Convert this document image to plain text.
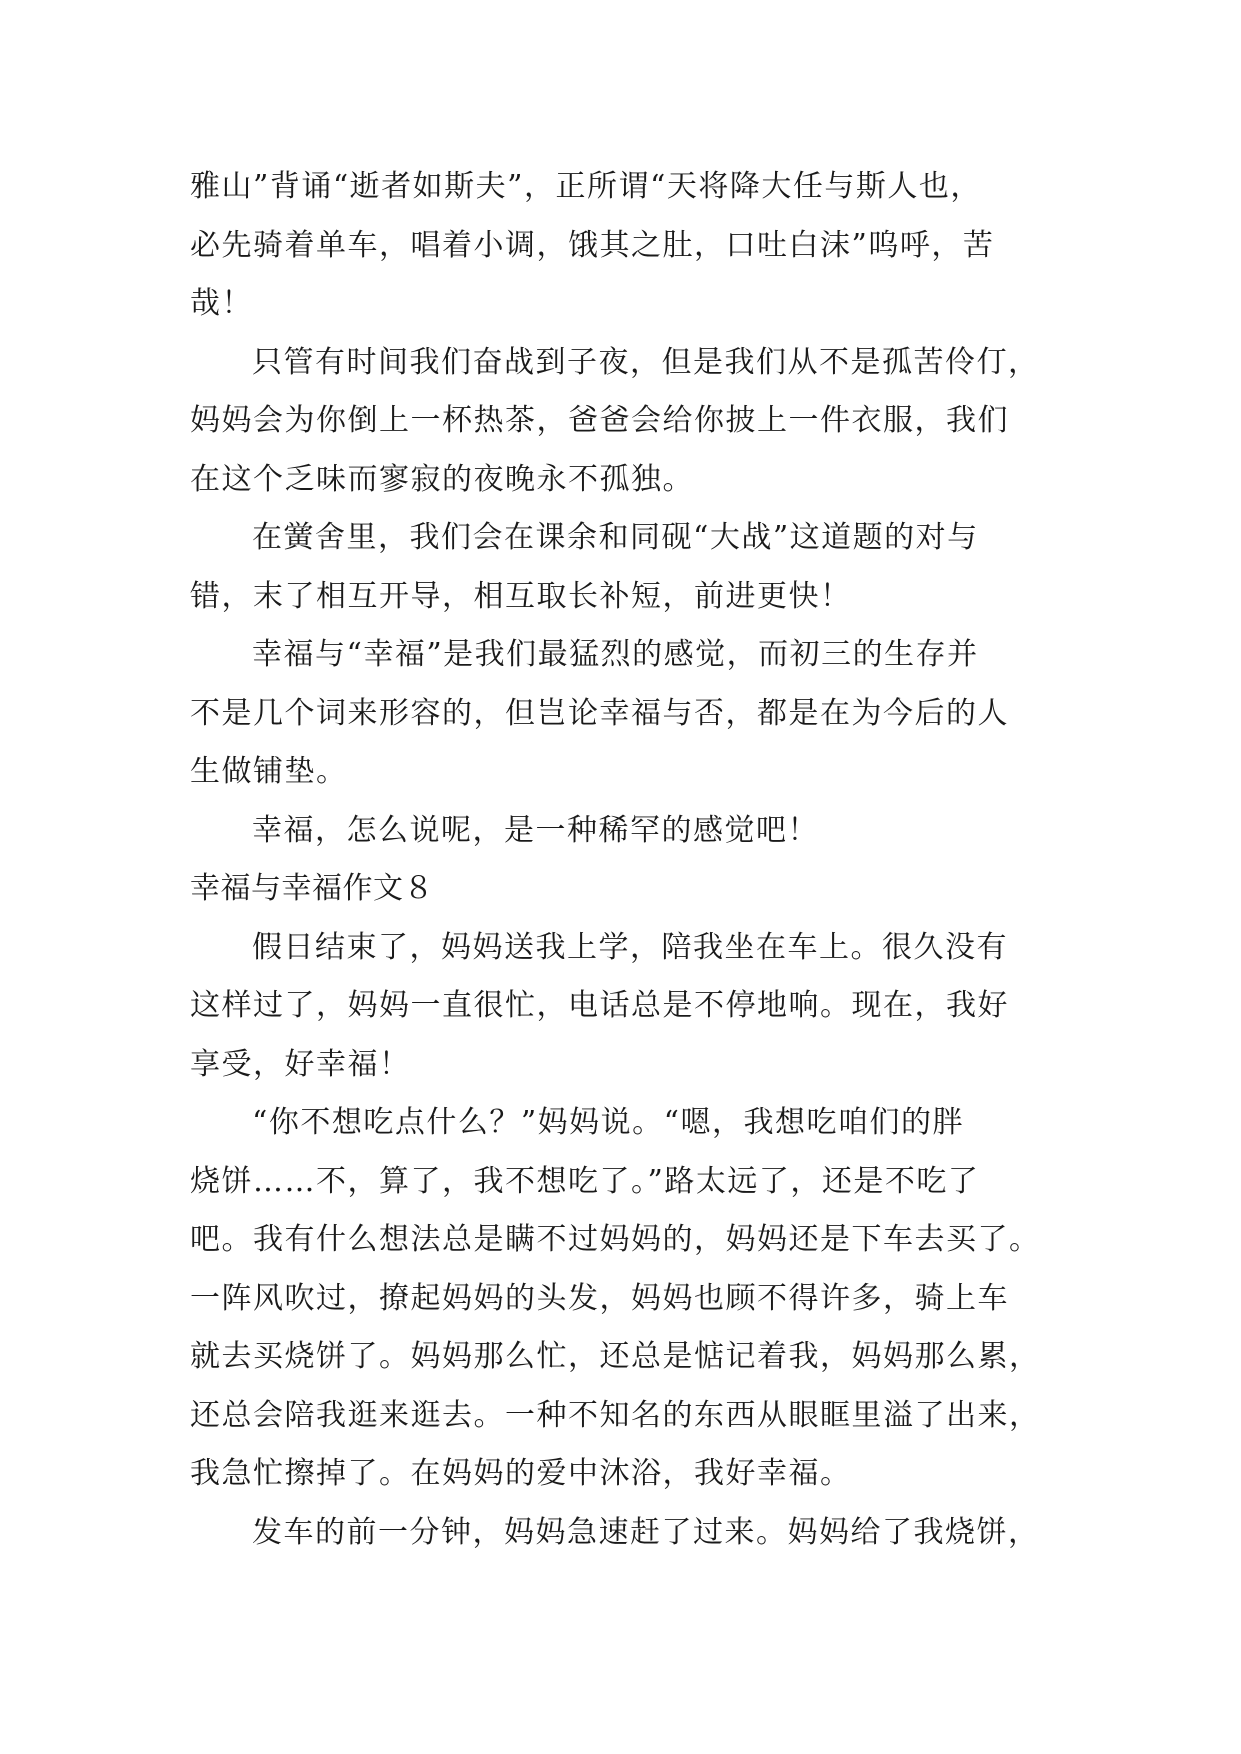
雅山”背诵“逝者如斯夫”，正所谓“天将降大任与斯人也，
必先骑着单车，唱着小调，饿其之肚，口吐白沫”呜呼，苦
哉！
只管有时间我们奋战到子夜，但是我们从不是孤苦伶仃，
妈妈会为你倒上一杯热茶，爸爸会给你披上一件衣服，我们
在这个乏味而寥寂的夜晚永不孤独。
在黉舍里，我们会在课余和同砚“大战”这道题的对与
错，末了相互开导，相互取长补短，前进更快！
幸福与“幸福”是我们最猛烈的感觉，而初三的生存并
不是几个词来形容的，但岂论幸福与否，都是在为今后的人
生做铺垫。
幸福，怎么说呢，是一种稀罕的感觉吧！
幸福与幸福作文８
假日结束了，妈妈送我上学，陪我坐在车上。很久没有
这样过了，妈妈一直很忙，电话总是不停地响。现在，我好
享受，好幸福！
“你不想吃点什么？”妈妈说。“嗯，我想吃咱们的胖
烧饼……不，算了，我不想吃了。”路太远了，还是不吃了
吧。我有什么想法总是瞒不过妈妈的，妈妈还是下车去买了。
一阵风吹过，撩起妈妈的头发，妈妈也顾不得许多，骑上车
就去买烧饼了。妈妈那么忙，还总是惦记着我，妈妈那么累，
还总会陪我逛来逛去。一种不知名的东西从眼眶里溢了出来，
我急忙擦掉了。在妈妈的爱中沐浴，我好幸福。
发车的前一分钟，妈妈急速赶了过来。妈妈给了我烧饼，
